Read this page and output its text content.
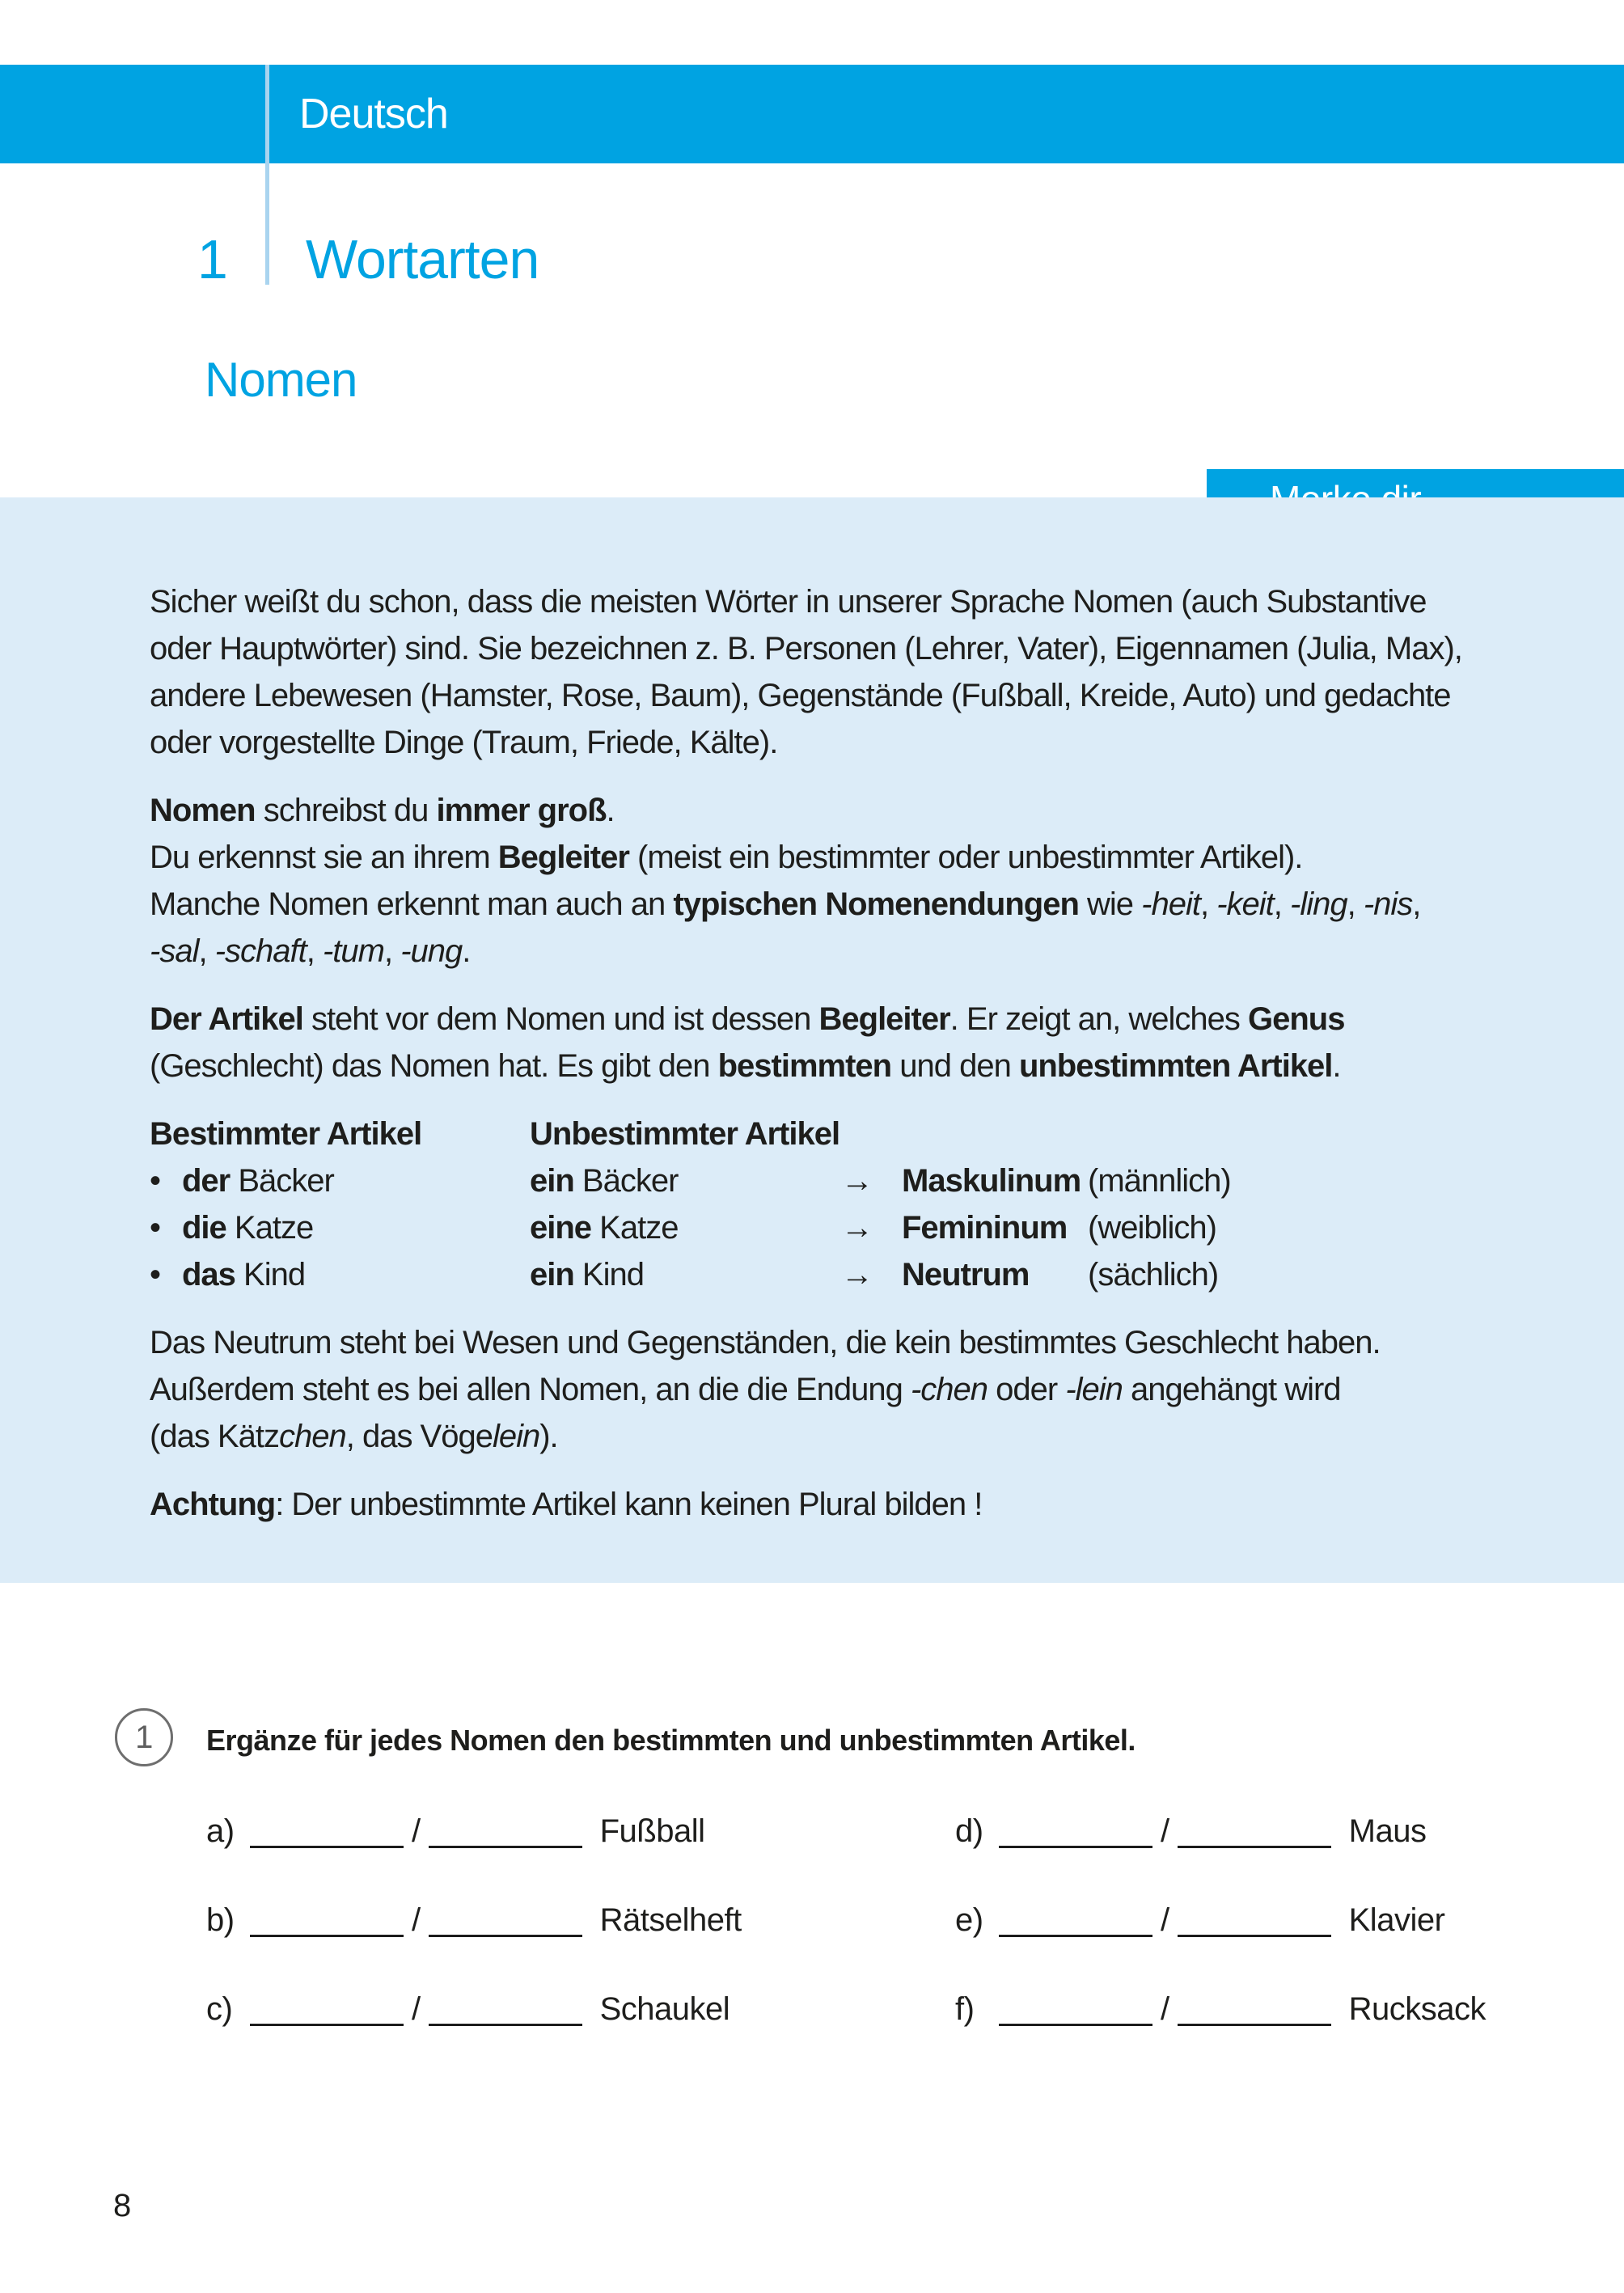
Deutsch
1 Wortarten
Nomen
Sicher weißt du schon, dass die meisten Wörter in unserer Sprache Nomen (auch Substantive
oder Hauptwörter) sind. Sie bezeichnen z. B. Personen (Lehrer, Vater), Eigennamen (Julia, Max),
andere Lebewesen (Hamster, Rose, Baum), Gegenstände (Fußball, Kreide, Auto) und gedachte
oder vorgestellte Dinge (Traum, Friede, Kälte).
Nomen schreibst du immer groß.
Du erkennst sie an ihrem Begleiter (meist ein bestimmter oder unbestimmter Artikel).
Manche Nomen erkennt man auch an typischen Nomenendungen wie -heit, -keit, -ling, -nis,
-sal, -schaft, -tum, -ung.
Der Artikel steht vor dem Nomen und ist dessen Begleiter. Er zeigt an, welches Genus
(Geschlecht) das Nomen hat. Es gibt den bestimmten und den unbestimmten Artikel.
Bestimmter Artikel	Unbestimmter Artikel
• der Bäcker	ein Bäcker	→ Maskulinum (männlich)
• die Katze	eine Katze	→ Femininum (weiblich)
• das Kind	ein Kind	→ Neutrum	(sächlich)
Das Neutrum steht bei Wesen und Gegenständen, die kein bestimmtes Geschlecht haben.
Außerdem steht es bei allen Nomen, an die die Endung -chen oder -lein angehängt wird
(das Kätzchen, das Vögelein).
Achtung: Der unbestimmte Artikel kann keinen Plural bilden !
1	Ergänze für jedes Nomen den bestimmten und unbestimmten Artikel.
a)	/	Fußball
b)	/	Rätselheft
c)	/	Schaukel
d)	/	Maus
e)	/	Klavier
f)	/	Rucksack
8
